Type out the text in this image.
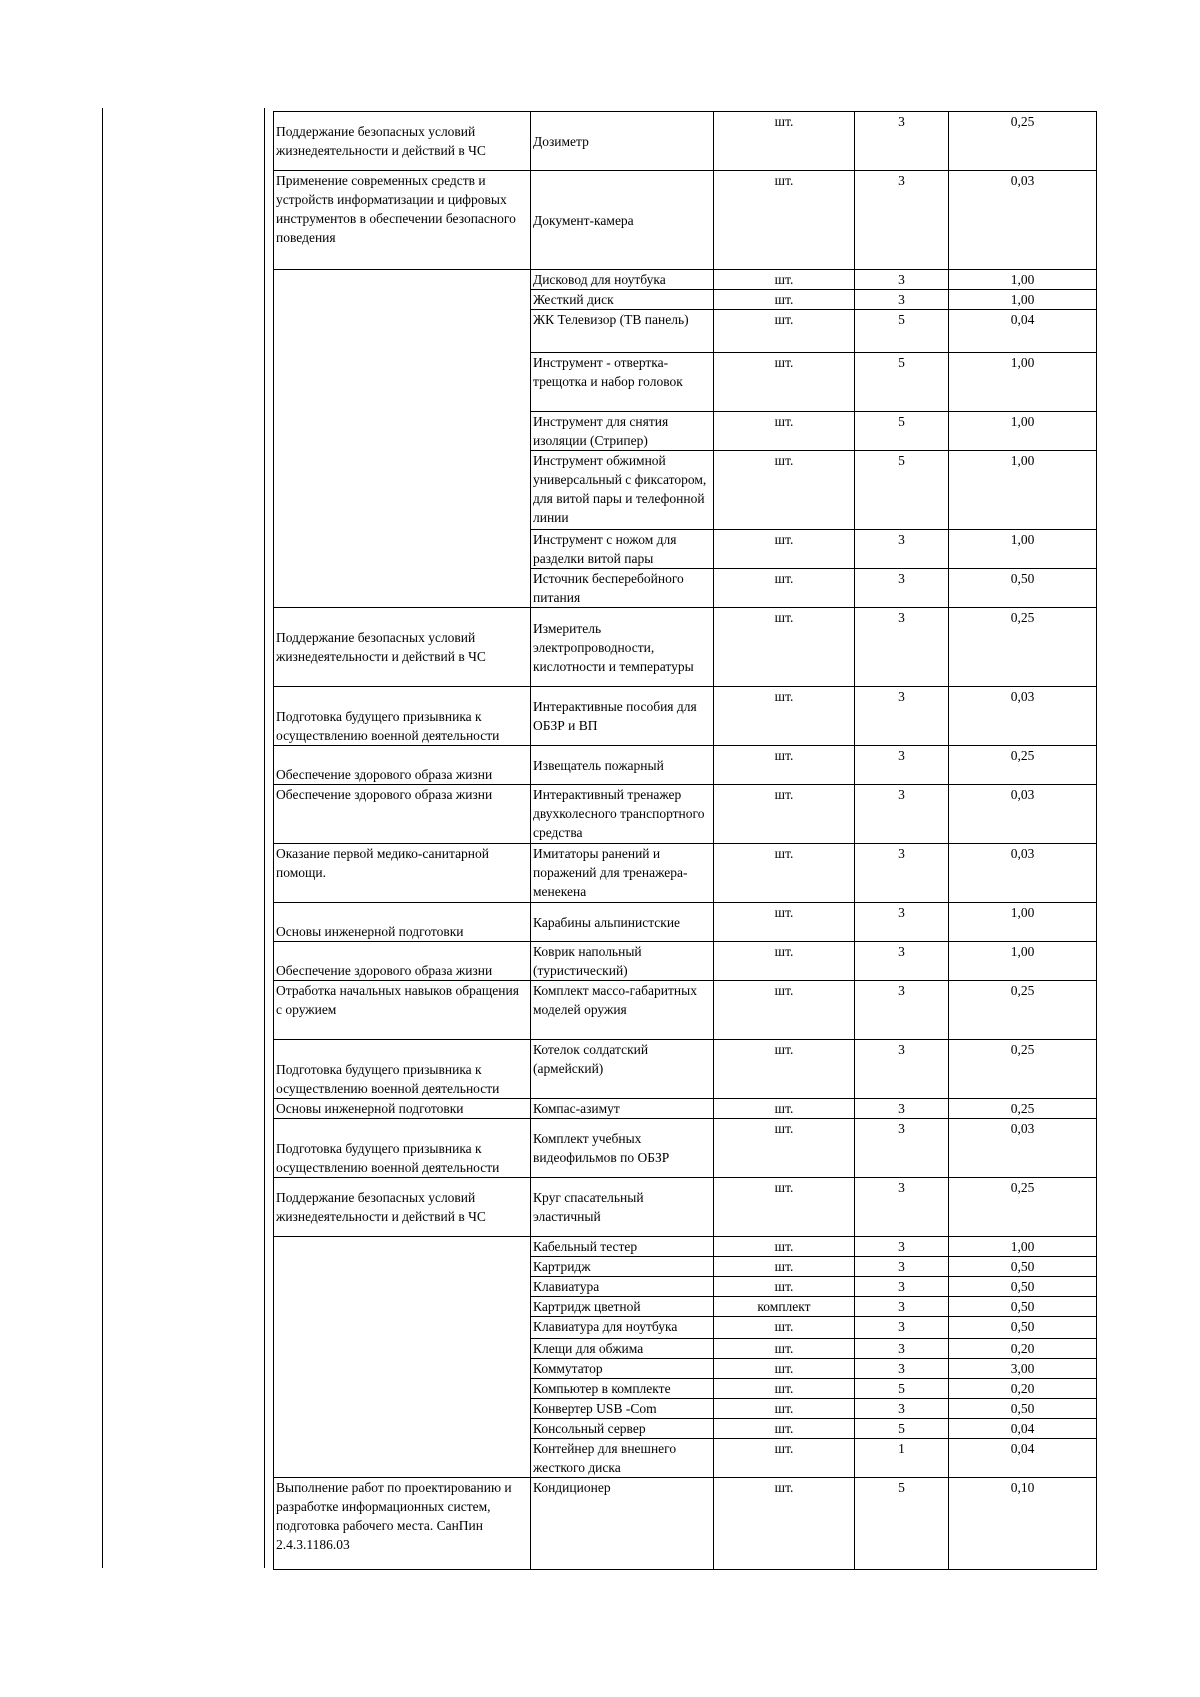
Поддержание безопасных условий жизнедеятельности и действий в ЧС	Дозиметр	шт.	3	0,25
Применение современных средств и устройств информатизации и цифровых инструментов в обеспечении безопасного поведения	Документ-камера	шт.	3	0,03
	Дисковод для ноутбука	шт.	3	1,00
	Жесткий диск	шт.	3	1,00
	ЖК Телевизор (ТВ панель)	шт.	5	0,04
	Инструмент - отвертка-трещотка и набор головок	шт.	5	1,00
	Инструмент для снятия изоляции (Стрипер)	шт.	5	1,00
	Инструмент обжимной универсальный с фиксатором, для витой пары и телефонной линии	шт.	5	1,00
	Инструмент с ножом для разделки витой пары	шт.	3	1,00
	Источник бесперебойного питания	шт.	3	0,50
Поддержание безопасных условий жизнедеятельности и действий в ЧС	Измеритель электропроводности, кислотности и температуры	шт.	3	0,25
Подготовка будущего призывника к осуществлению военной деятельности	Интерактивные пособия для ОБЗР и ВП	шт.	3	0,03
Обеспечение здорового образа жизни	Извещатель пожарный	шт.	3	0,25
Обеспечение здорового образа жизни	Интерактивный тренажер двухколесного транспортного средства	шт.	3	0,03
Оказание первой медико-санитарной помощи.	Имитаторы ранений и поражений для тренажера-менекена	шт.	3	0,03
Основы инженерной подготовки	Карабины альпинистские	шт.	3	1,00
Обеспечение здорового образа жизни	Коврик напольный (туристический)	шт.	3	1,00
Отработка начальных навыков обращения с оружием	Комплект массо-габаритных моделей оружия	шт.	3	0,25
Подготовка будущего призывника к осуществлению военной деятельности	Котелок солдатский (армейский)	шт.	3	0,25
Основы инженерной подготовки	Компас-азимут	шт.	3	0,25
Подготовка будущего призывника к осуществлению военной деятельности	Комплект учебных видеофильмов по ОБЗР	шт.	3	0,03
Поддержание безопасных условий жизнедеятельности и действий в ЧС	Круг спасательный эластичный	шт.	3	0,25
	Кабельный тестер	шт.	3	1,00
	Картридж	шт.	3	0,50
	Клавиатура	шт.	3	0,50
	Картридж цветной	комплект	3	0,50
	Клавиатура для ноутбука	шт.	3	0,50
	Клещи для обжима	шт.	3	0,20
	Коммутатор	шт.	3	3,00
	Компьютер в комплекте	шт.	5	0,20
	Конвертер USB -Com	шт.	3	0,50
	Консольный сервер	шт.	5	0,04
	Контейнер для внешнего жесткого диска	шт.	1	0,04
Выполнение работ по проектированию и разработке информационных систем, подготовка рабочего места. СанПин 2.4.3.1186.03	Кондиционер	шт.	5	0,10
